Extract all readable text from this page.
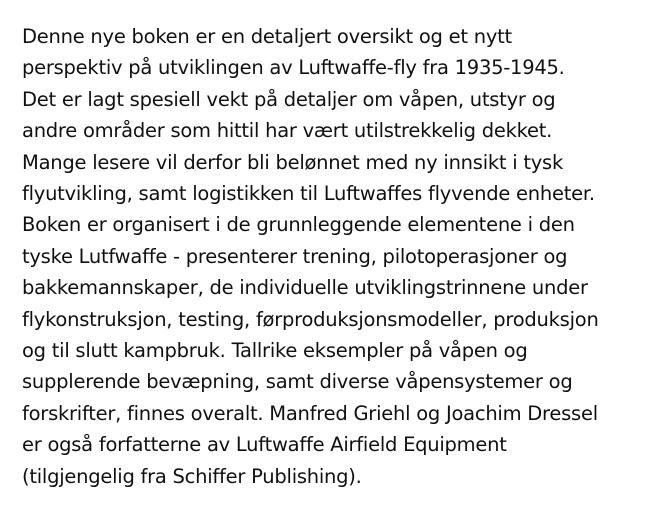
Denne nye boken er en detaljert oversikt og et nytt
perspektiv på utviklingen av Luftwaffe-fly fra 1935-1945.
Det er lagt spesiell vekt på detaljer om våpen, utstyr og
andre områder som hittil har vært utilstrekkelig dekket.
Mange lesere vil derfor bli belønnet med ny innsikt i tysk
flyutvikling, samt logistikken til Luftwaffes flyvende enheter.
Boken er organisert i de grunnleggende elementene i den
tyske Lutfwaffe - presenterer trening, pilotoperasjoner og
bakkemannskaper, de individuelle utviklingstrinnene under
flykonstruksjon, testing, førproduksjonsmodeller, produksjon
og til slutt kampbruk. Tallrike eksempler på våpen og
supplerende bevæpning, samt diverse våpensystemer og
forskrifter, finnes overalt. Manfred Griehl og Joachim Dressel
er også forfatterne av Luftwaffe Airfield Equipment
(tilgjengelig fra Schiffer Publishing).
